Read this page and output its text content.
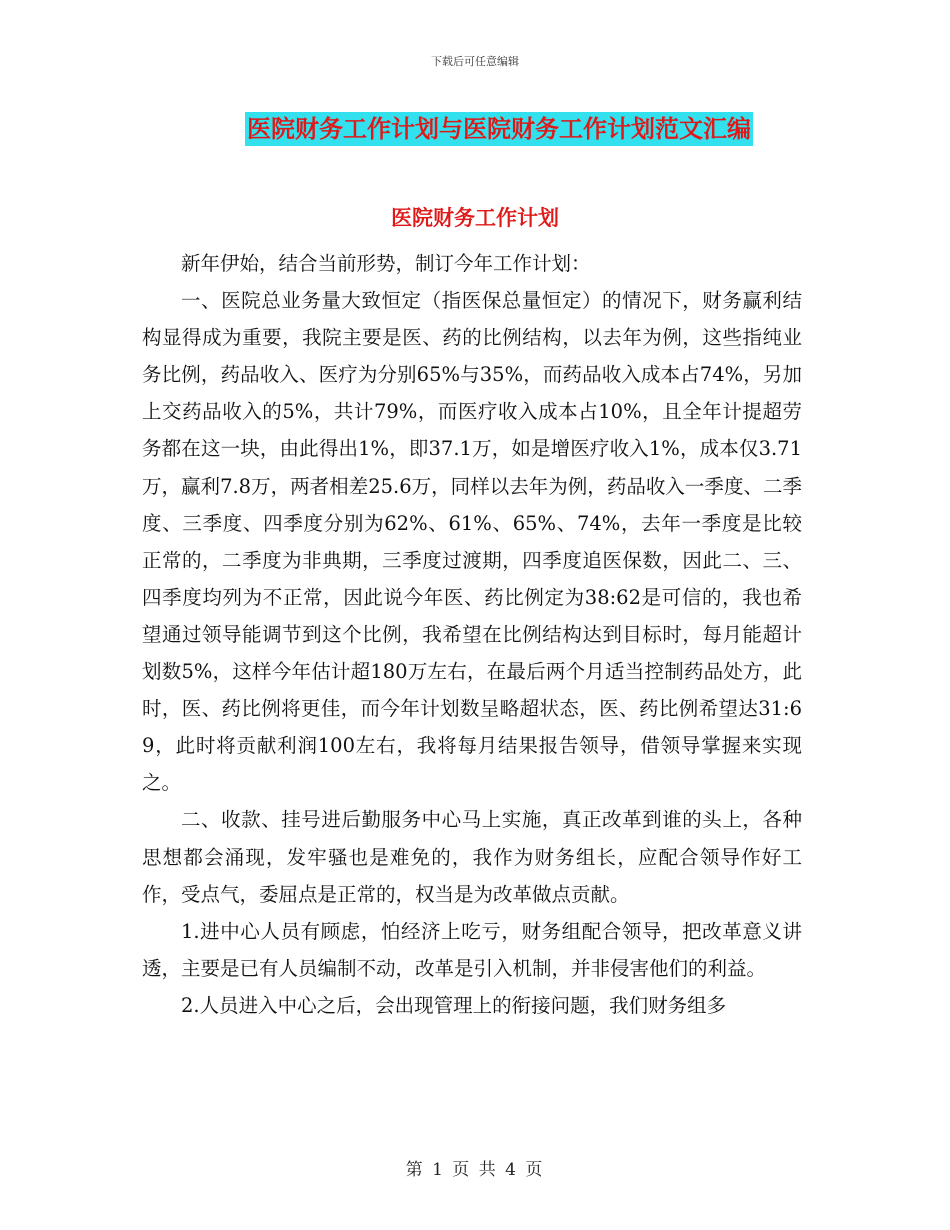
下载后可任意编辑
医院财务工作计划与医院财务工作计划范文汇编
医院财务工作计划

新年伊始，结合当前形势，制订今年工作计划：

一、医院总业务量大致恒定（指医保总量恒定）的情况下，财务赢利结构显得成为重要，我院主要是医、药的比例结构，以去年为例，这些指纯业务比例，药品收入、医疗为分别65%与35%，而药品收入成本占74%，另加上交药品收入的5%，共计79%，而医疗收入成本占10%，且全年计提超劳务都在这一块，由此得出1%，即37.1万，如是增医疗收入1%，成本仅3.71万，赢利7.8万，两者相差25.6万，同样以去年为例，药品收入一季度、二季度、三季度、四季度分别为62%、61%、65%、74%，去年一季度是比较正常的，二季度为非典期，三季度过渡期，四季度追医保数，因此二、三、四季度均列为不正常，因此说今年医、药比例定为38:62是可信的，我也希望通过领导能调节到这个比例，我希望在比例结构达到目标时，每月能超计划数5%，这样今年估计超180万左右，在最后两个月适当控制药品处方，此时，医、药比例将更佳，而今年计划数呈略超状态，医、药比例希望达31:69，此时将贡献利润100左右，我将每月结果报告领导，借领导掌握来实现之。

二、收款、挂号进后勤服务中心马上实施，真正改革到谁的头上，各种思想都会涌现，发牢骚也是难免的，我作为财务组长，应配合领导作好工作，受点气，委屈点是正常的，权当是为改革做点贡献。

1.进中心人员有顾虑，怕经济上吃亏，财务组配合领导，把改革意义讲透，主要是已有人员编制不动，改革是引入机制，并非侵害他们的利益。

2.人员进入中心之后，会出现管理上的衔接问题，我们财务组多

第 1 页 共 4 页
